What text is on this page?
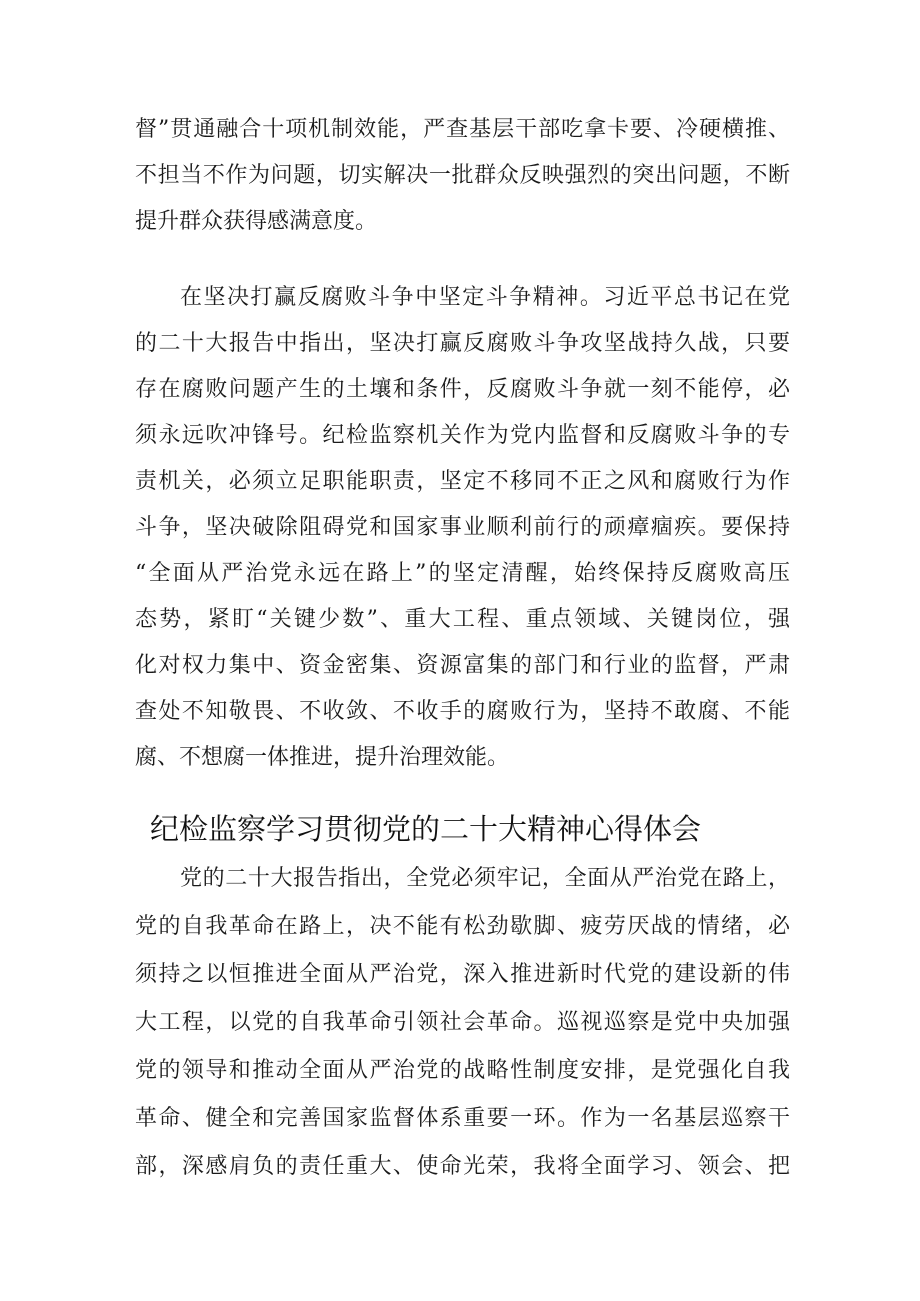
督”贯通融合十项机制效能，严查基层干部吃拿卡要、冷硬横推、
不担当不作为问题，切实解决一批群众反映强烈的突出问题，不断
提升群众获得感满意度。
在坚决打赢反腐败斗争中坚定斗争精神。习近平总书记在党
的二十大报告中指出，坚决打赢反腐败斗争攻坚战持久战，只要
存在腐败问题产生的土壤和条件，反腐败斗争就一刻不能停，必
须永远吹冲锋号。纪检监察机关作为党内监督和反腐败斗争的专
责机关，必须立足职能职责，坚定不移同不正之风和腐败行为作
斗争，坚决破除阻碍党和国家事业顺利前行的顽瘴痼疾。要保持
“全面从严治党永远在路上”的坚定清醒，始终保持反腐败高压
态势，紧盯“关键少数”、重大工程、重点领域、关键岗位，强
化对权力集中、资金密集、资源富集的部门和行业的监督，严肃
查处不知敬畏、不收敛、不收手的腐败行为，坚持不敢腐、不能
腐、不想腐一体推进，提升治理效能。
纪检监察学习贯彻党的二十大精神心得体会
党的二十大报告指出，全党必须牢记，全面从严治党在路上，
党的自我革命在路上，决不能有松劲歇脚、疲劳厌战的情绪，必
须持之以恒推进全面从严治党，深入推进新时代党的建设新的伟
大工程，以党的自我革命引领社会革命。巡视巡察是党中央加强
党的领导和推动全面从严治党的战略性制度安排，是党强化自我
革命、健全和完善国家监督体系重要一环。作为一名基层巡察干
部，深感肩负的责任重大、使命光荣，我将全面学习、领会、把
